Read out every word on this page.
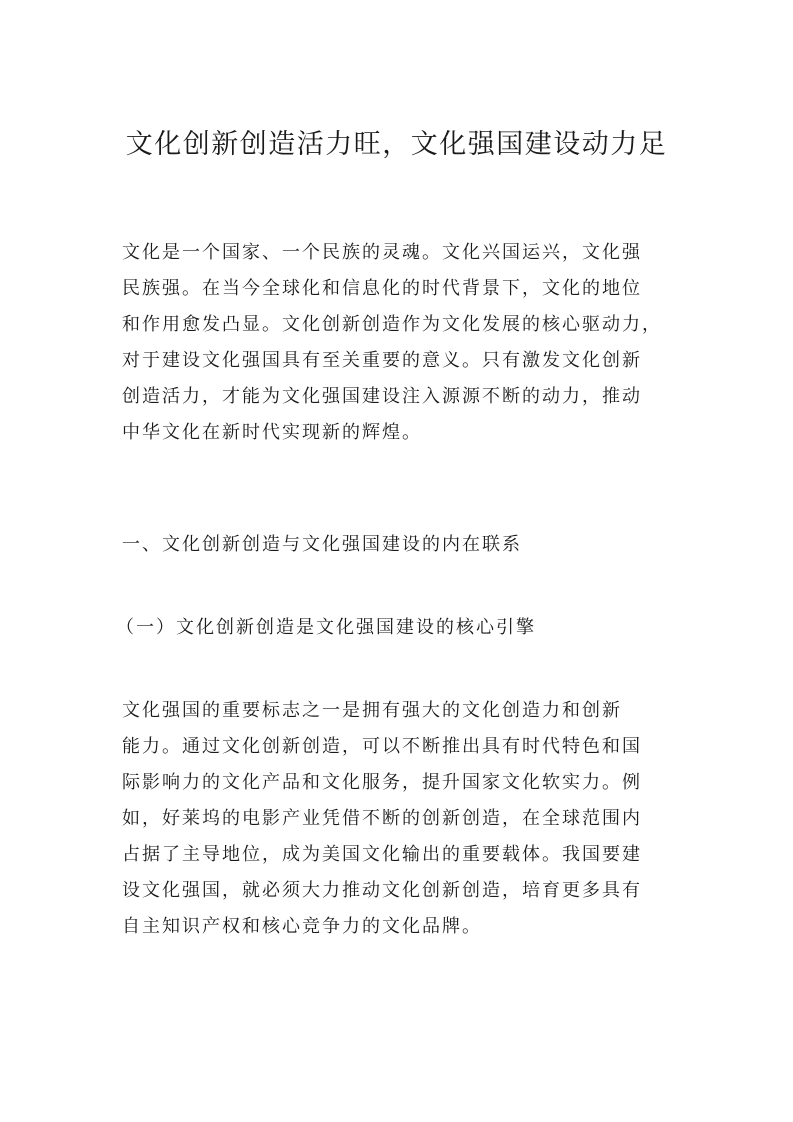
文化创新创造活力旺，文化强国建设动力足
文化是一个国家、一个民族的灵魂。文化兴国运兴，文化强
民族强。在当今全球化和信息化的时代背景下，文化的地位
和作用愈发凸显。文化创新创造作为文化发展的核心驱动力，
对于建设文化强国具有至关重要的意义。只有激发文化创新
创造活力，才能为文化强国建设注入源源不断的动力，推动
中华文化在新时代实现新的辉煌。
一、文化创新创造与文化强国建设的内在联系
（一）文化创新创造是文化强国建设的核心引擎
文化强国的重要标志之一是拥有强大的文化创造力和创新
能力。通过文化创新创造，可以不断推出具有时代特色和国
际影响力的文化产品和文化服务，提升国家文化软实力。例
如，好莱坞的电影产业凭借不断的创新创造，在全球范围内
占据了主导地位，成为美国文化输出的重要载体。我国要建
设文化强国，就必须大力推动文化创新创造，培育更多具有
自主知识产权和核心竞争力的文化品牌。
